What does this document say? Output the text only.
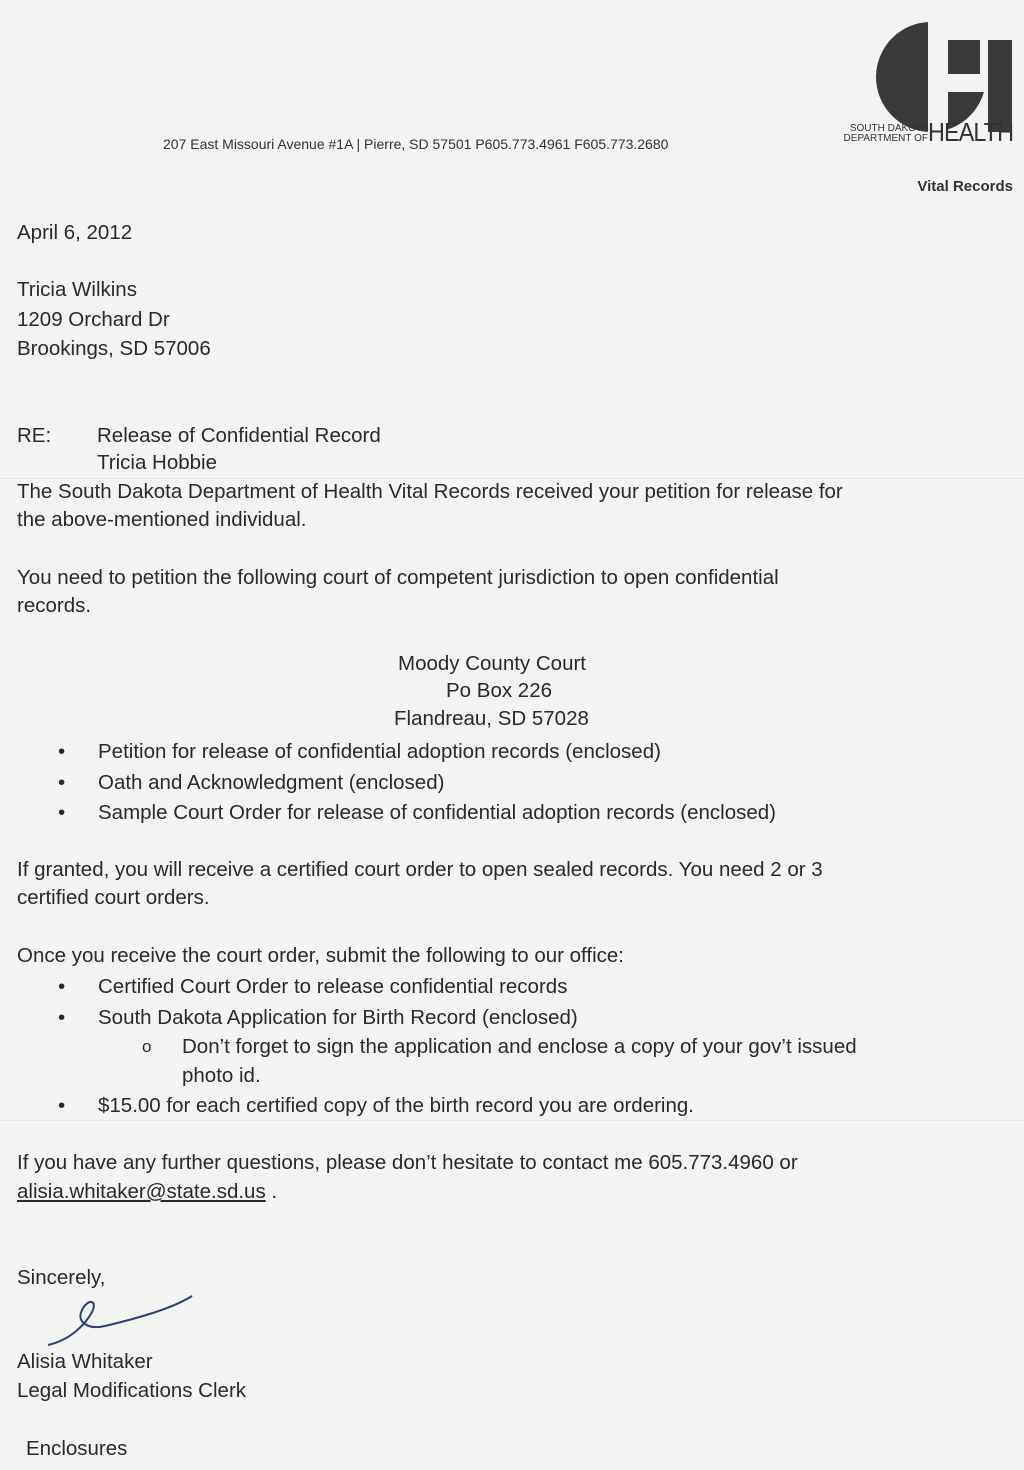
SOUTH DAKOTA
DEPARTMENT OF HEALTH
207 East Missouri Avenue #1A | Pierre, SD 57501 P605.773.4961 F605.773.2680
Vital Records
April 6, 2012
Tricia Wilkins
1209 Orchard Dr
Brookings, SD 57006
RE: Release of Confidential Record
Tricia Hobbie
The South Dakota Department of Health Vital Records received your petition for release for
the above-mentioned individual.
You need to petition the following court of competent jurisdiction to open confidential
records.
Moody County Court
Po Box 226
Flandreau, SD 57028
• Petition for release of confidential adoption records (enclosed)
• Oath and Acknowledgment (enclosed)
• Sample Court Order for release of confidential adoption records (enclosed)
If granted, you will receive a certified court order to open sealed records. You need 2 or 3
certified court orders.
Once you receive the court order, submit the following to our office:
• Certified Court Order to release confidential records
• South Dakota Application for Birth Record (enclosed)
o Don’t forget to sign the application and enclose a copy of your gov’t issued
photo id.
• $15.00 for each certified copy of the birth record you are ordering.
If you have any further questions, please don’t hesitate to contact me 605.773.4960 or
alisia.whitaker@state.sd.us .
Sincerely,
Alisia Whitaker
Legal Modifications Clerk
Enclosures
